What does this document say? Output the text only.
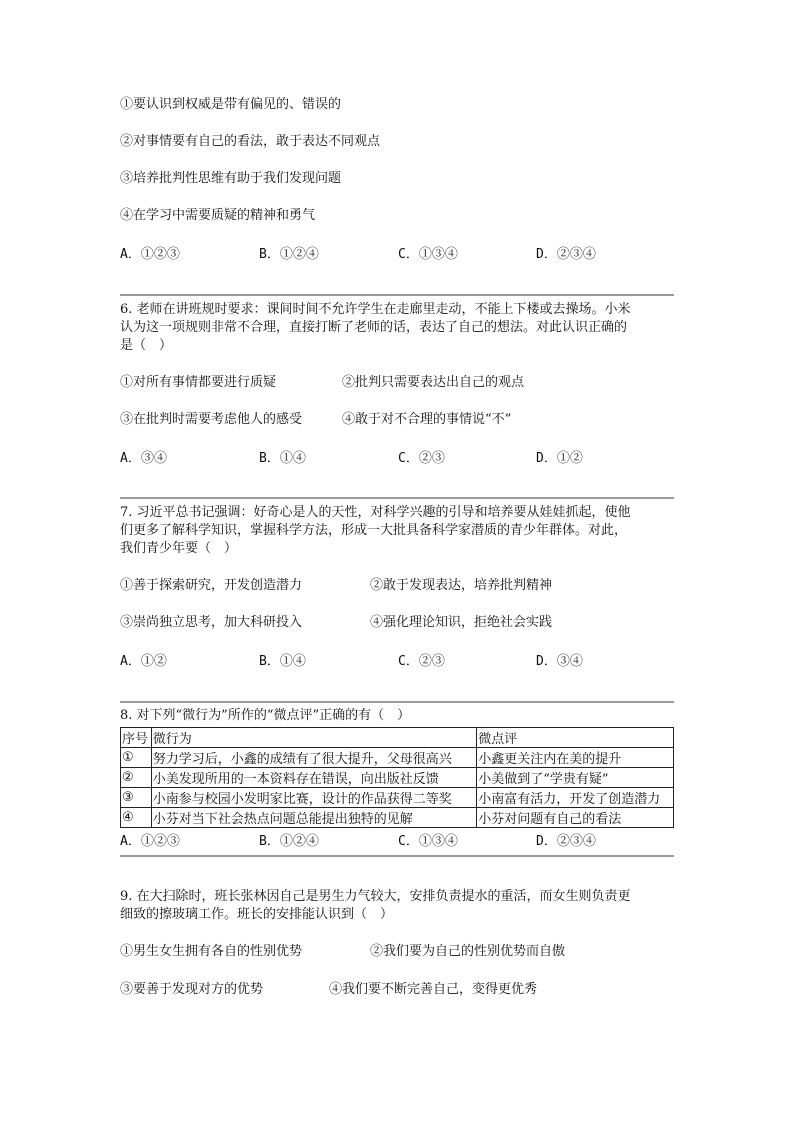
①要认识到权威是带有偏见的、错误的
②对事情要有自己的看法，敢于表达不同观点
③培养批判性思维有助于我们发现问题
④在学习中需要质疑的精神和勇气
A．①②③	B．①②④	C．①③④	D．②③④
6. 老师在讲班规时要求：课间时间不允许学生在走廊里走动，不能上下楼或去操场。小米
认为这一项规则非常不合理，直接打断了老师的话，表达了自己的想法。对此认识正确的
是（　）
①对所有事情都要进行质疑	②批判只需要表达出自己的观点
③在批判时需要考虑他人的感受	④敢于对不合理的事情说“不”
A．③④	B．①④	C．②③	D．①②
7. 习近平总书记强调：好奇心是人的天性，对科学兴趣的引导和培养要从娃娃抓起，使他
们更多了解科学知识，掌握科学方法，形成一大批具备科学家潜质的青少年群体。对此，
我们青少年要（　）
①善于探索研究，开发创造潜力	②敢于发现表达，培养批判精神
③崇尚独立思考，加大科研投入	④强化理论知识，拒绝社会实践
A．①②	B．①④	C．②③	D．③④
8. 对下列“微行为”所作的“微点评”正确的有（　）
序号	微行为	微点评
①	努力学习后，小鑫的成绩有了很大提升，父母很高兴	小鑫更关注内在美的提升
②	小美发现所用的一本资料存在错误，向出版社反馈	小美做到了“学贵有疑”
③	小南参与校园小发明家比赛，设计的作品获得二等奖	小南富有活力，开发了创造潜力
④	小芬对当下社会热点问题总能提出独特的见解	小芬对问题有自己的看法
A．①②③	B．①②④	C．①③④	D．②③④
9. 在大扫除时，班长张林因自己是男生力气较大，安排负责提水的重活，而女生则负责更
细致的擦玻璃工作。班长的安排能认识到（　）
①男生女生拥有各自的性别优势	②我们要为自己的性别优势而自傲
③要善于发现对方的优势	④我们要不断完善自己，变得更优秀
